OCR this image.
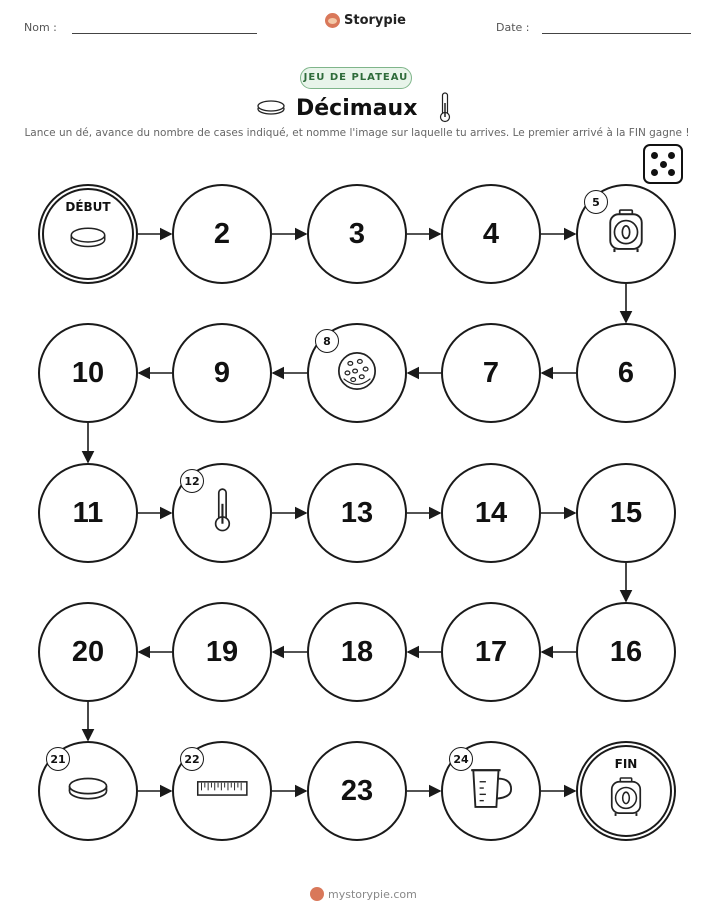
Nom :	Storypie	Date :
JEU DE PLATEAU
Décimaux
Lance un dé, avance du nombre de cases indiqué, et nomme l'image sur laquelle tu arrives. Le premier arrivé à la FIN gagne !
DÉBUT
2	3	4
5
6
7
8
9
10
11
12
13	14	15
16
17
18
19
20
21	22
23
24	FIN
mystorypie.com
